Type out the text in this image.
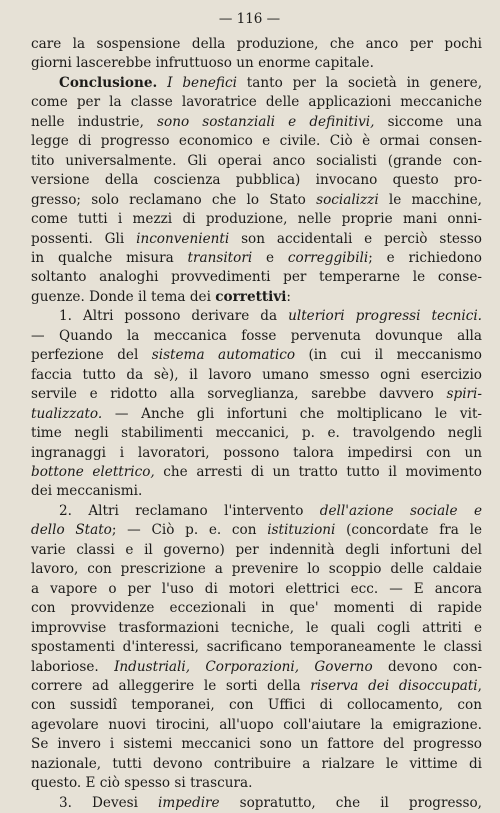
— 116 —
care la sospensione della produzione, che anco per pochi
giorni lascerebbe infruttuoso un enorme capitale.
Conclusione. I benefici tanto per la società in genere,
come per la classe lavoratrice delle applicazioni meccaniche
nelle industrie, sono sostanziali e definitivi, siccome una
legge di progresso economico e civile. Ciò è ormai consen-
tito universalmente. Gli operai anco socialisti (grande con-
versione della coscienza pubblica) invocano questo pro-
gresso; solo reclamano che lo Stato socializzi le macchine,
come tutti i mezzi di produzione, nelle proprie mani onni-
possenti. Gli inconvenienti son accidentali e perciò stesso
in qualche misura transitori e correggibili; e richiedono
soltanto analoghi provvedimenti per temperarne le conse-
guenze. Donde il tema dei correttivi:
1. Altri possono derivare da ulteriori progressi tecnici.
— Quando la meccanica fosse pervenuta dovunque alla
perfezione del sistema automatico (in cui il meccanismo
faccia tutto da sè), il lavoro umano smesso ogni esercizio
servile e ridotto alla sorveglianza, sarebbe davvero spiri-
tualizzato. — Anche gli infortuni che moltiplicano le vit-
time negli stabilimenti meccanici, p. e. travolgendo negli
ingranaggi i lavoratori, possono talora impedirsi con un
bottone elettrico, che arresti di un tratto tutto il movimento
dei meccanismi.
2. Altri reclamano l'intervento dell'azione sociale e
dello Stato; — Ciò p. e. con istituzioni (concordate fra le
varie classi e il governo) per indennità degli infortuni del
lavoro, con prescrizione a prevenire lo scoppio delle caldaie
a vapore o per l'uso di motori elettrici ecc. — E ancora
con provvidenze eccezionali in que' momenti di rapide
improvvise trasformazioni tecniche, le quali cogli attriti e
spostamenti d'interessi, sacrificano temporaneamente le classi
laboriose. Industriali, Corporazioni, Governo devono con-
correre ad alleggerire le sorti della riserva dei disoccupati,
con sussidî temporanei, con Uffici di collocamento, con
agevolare nuovi tirocini, all'uopo coll'aiutare la emigrazione.
Se invero i sistemi meccanici sono un fattore del progresso
nazionale, tutti devono contribuire a rialzare le vittime di
questo. E ciò spesso si trascura.
3. Devesi impedire sopratutto, che il progresso,
